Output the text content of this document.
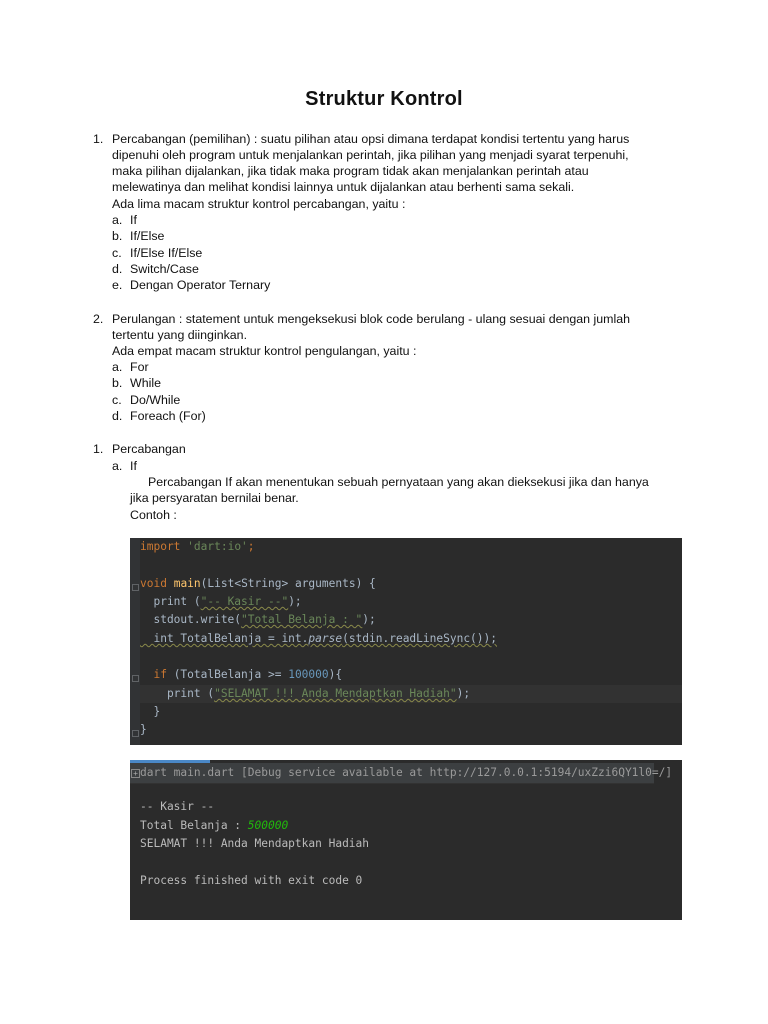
Struktur Kontrol
1. Percabangan (pemilihan) : suatu pilihan atau opsi dimana terdapat kondisi tertentu yang harus
dipenuhi oleh program untuk menjalankan perintah, jika pilihan yang menjadi syarat terpenuhi,
maka pilihan dijalankan, jika tidak maka program tidak akan menjalankan perintah atau
melewatinya dan melihat kondisi lainnya untuk dijalankan atau berhenti sama sekali.
Ada lima macam struktur kontrol percabangan, yaitu :
a. If
b. If/Else
c. If/Else If/Else
d. Switch/Case
e. Dengan Operator Ternary
2. Perulangan : statement untuk mengeksekusi blok code berulang - ulang sesuai dengan jumlah
tertentu yang diinginkan.
Ada empat macam struktur kontrol pengulangan, yaitu :
a. For
b. While
c. Do/While
d. Foreach (For)
1. Percabangan
a. If
Percabangan If akan menentukan sebuah pernyataan yang akan dieksekusi jika dan hanya
jika persyaratan bernilai benar.
Contoh :
import 'dart:io';
void main(List<String> arguments) {
print ("-- Kasir --");
stdout.write("Total Belanja : ");
int TotalBelanja = int.parse(stdin.readLineSync());
if (TotalBelanja >= 100000){
print ("SELAMAT !!! Anda Mendaptkan Hadiah");
}
}
+ dart main.dart [Debug service available at http://127.0.0.1:5194/uxZzi6QY1l0=/]
-- Kasir --
Total Belanja : 500000
SELAMAT !!! Anda Mendaptkan Hadiah
Process finished with exit code 0
